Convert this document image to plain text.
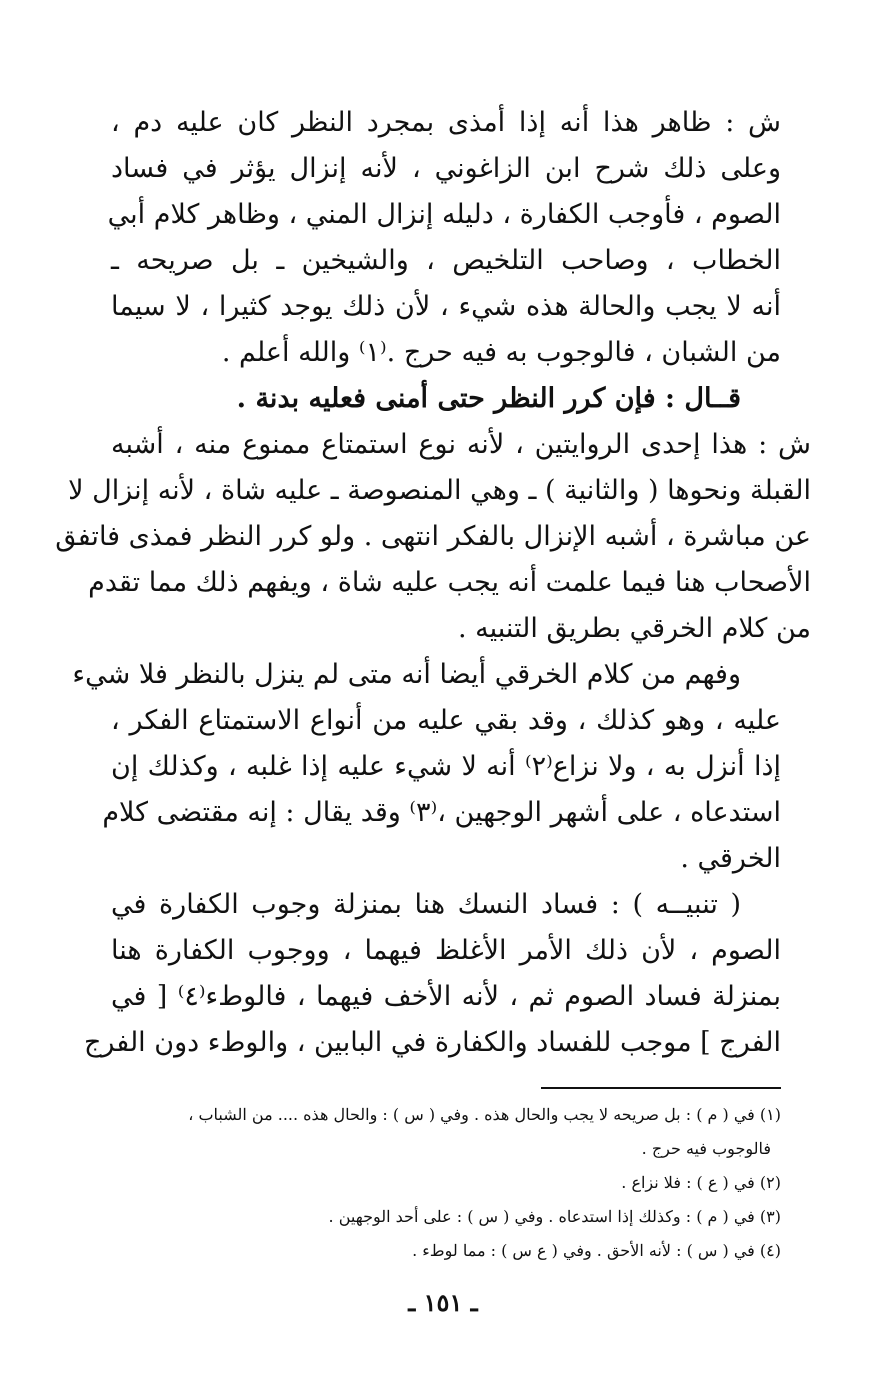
ش : ظاهر هذا أنه إذا أمذى بمجرد النظر كان عليه دم ،
وعلى ذلك شرح ابن الزاغوني ، لأنه إنزال يؤثر في فساد
الصوم ، فأوجب الكفارة ، دليله إنزال المني ، وظاهر كلام أبي
الخطاب ، وصاحب التلخيص ، والشيخين ـ بل صريحه ـ
أنه لا يجب والحالة هذه شيء ، لأن ذلك يوجد كثيرا ، لا سيما
من الشبان ، فالوجوب به فيه حرج .⁽١⁾ والله أعلم .
قــال : فإن كرر النظر حتى أمنى فعليه بدنة .
ش : هذا إحدى الروايتين ، لأنه نوع استمتاع ممنوع منه ، أشبه
القبلة ونحوها ( والثانية ) ـ وهي المنصوصة ـ عليه شاة ، لأنه إنزال لا
عن مباشرة ، أشبه الإنزال بالفكر انتهى . ولو كرر النظر فمذى فاتفق
الأصحاب هنا فيما علمت أنه يجب عليه شاة ، ويفهم ذلك مما تقدم
من كلام الخرقي بطريق التنبيه .
وفهم من كلام الخرقي أيضا أنه متى لم ينزل بالنظر فلا شيء
عليه ، وهو كذلك ، وقد بقي عليه من أنواع الاستمتاع الفكر ،
إذا أنزل به ، ولا نزاع⁽٢⁾ أنه لا شيء عليه إذا غلبه ، وكذلك إن
استدعاه ، على أشهر الوجهين ،⁽٣⁾ وقد يقال : إنه مقتضى كلام
الخرقي .
( تنبيــه ) : فساد النسك هنا بمنزلة وجوب الكفارة في
الصوم ، لأن ذلك الأمر الأغلظ فيهما ، ووجوب الكفارة هنا
بمنزلة فساد الصوم ثم ، لأنه الأخف فيهما ، فالوطء⁽٤⁾ [ في
الفرج ] موجب للفساد والكفارة في البابين ، والوطء دون الفرج
(١) في ( م ) : بل صريحه لا يجب والحال هذه . وفي ( س ) : والحال هذه .... من الشباب ،
فالوجوب فيه حرج .
(٢) في ( ع ) : فلا نزاع .
(٣) في ( م ) : وكذلك إذا استدعاه . وفي ( س ) : على أحد الوجهين .
(٤) في ( س ) : لأنه الأحق . وفي ( ع س ) : مما لوطء .
ـ ١٥١ ـ
